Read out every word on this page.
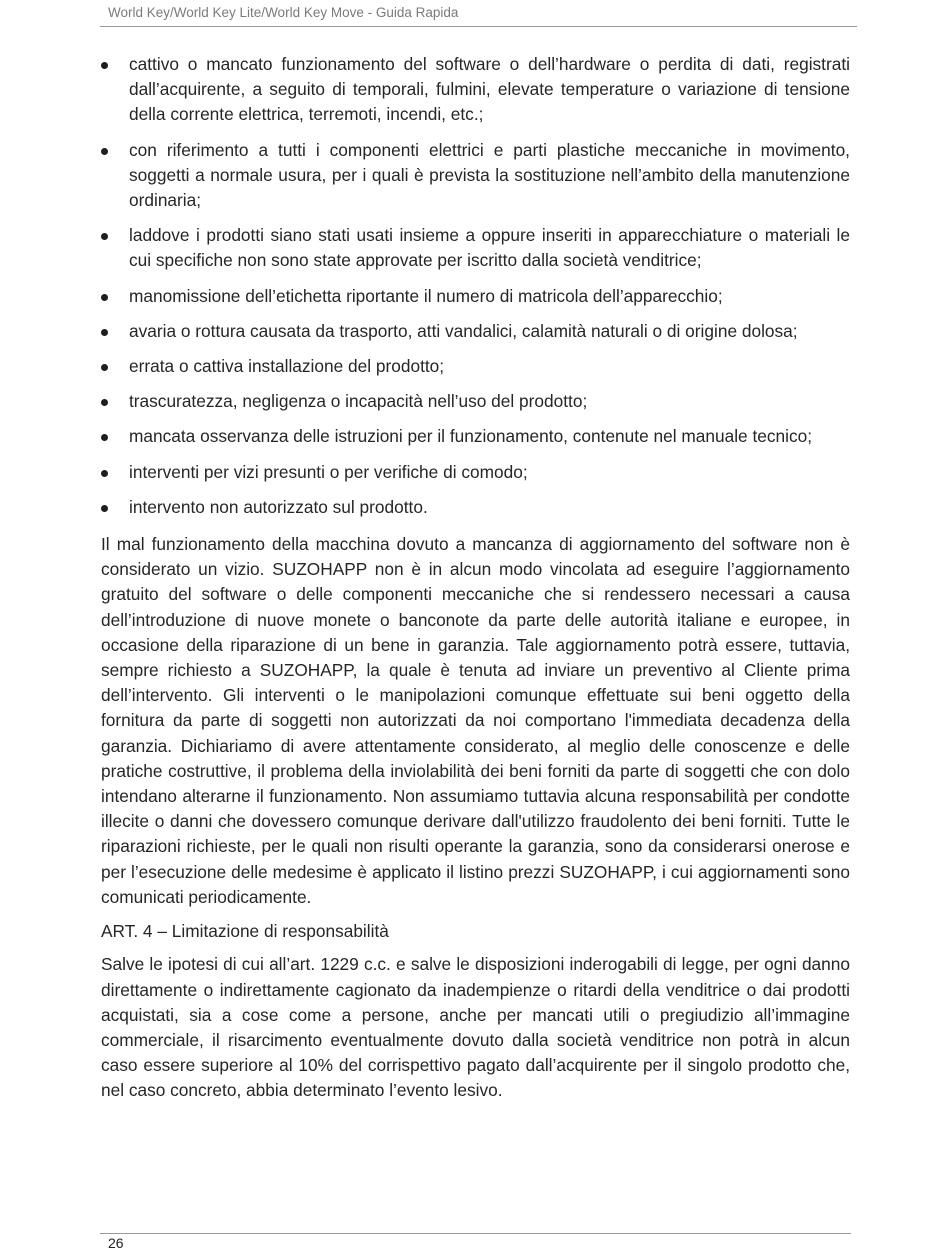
World Key/World Key Lite/World Key Move - Guida Rapida
cattivo o mancato funzionamento del software o dell’hardware o perdita di dati, registrati dall’acquirente, a seguito di temporali, fulmini, elevate temperature o variazione di tensione della corrente elettrica, terremoti, incendi, etc.;
con riferimento a tutti i componenti elettrici e parti plastiche meccaniche in movimento, soggetti a normale usura, per i quali è prevista la sostituzione nell’ambito della manutenzione ordinaria;
laddove i prodotti siano stati usati insieme a oppure inseriti in apparecchiature o materiali le cui specifiche non sono state approvate per iscritto dalla società venditrice;
manomissione dell’etichetta riportante il numero di matricola dell’apparecchio;
avaria o rottura causata da trasporto, atti vandalici, calamità naturali o di origine dolosa;
errata o cattiva installazione del prodotto;
trascuratezza, negligenza o incapacità nell’uso del prodotto;
mancata osservanza delle istruzioni per il funzionamento, contenute nel manuale tecnico;
interventi per vizi presunti o per verifiche di comodo;
intervento non autorizzato sul prodotto.

Il mal funzionamento della macchina dovuto a mancanza di aggiornamento del software non è considerato un vizio. SUZOHAPP non è in alcun modo vincolata ad eseguire l’aggiornamento gratuito del software o delle componenti meccaniche che si rendessero necessari a causa dell’introduzione di nuove monete o banconote da parte delle autorità italiane e europee, in occasione della riparazione di un bene in garanzia. Tale aggiornamento potrà essere, tuttavia, sempre richiesto a SUZOHAPP, la quale è tenuta ad inviare un preventivo al Cliente prima dell’intervento. Gli interventi o le manipolazioni comunque effettuate sui beni oggetto della fornitura da parte di soggetti non autorizzati da noi comportano l'immediata decadenza della garanzia. Dichiariamo di avere attentamente considerato, al meglio delle conoscenze e delle pratiche costruttive, il problema della inviolabilità dei beni forniti da parte di soggetti che con dolo intendano alterarne il funzionamento. Non assumiamo tuttavia alcuna responsabilità per condotte illecite o danni che dovessero comunque derivare dall'utilizzo fraudolento dei beni forniti. Tutte le riparazioni richieste, per le quali non risulti operante la garanzia, sono da considerarsi onerose e per l’esecuzione delle medesime è applicato il listino prezzi SUZOHAPP, i cui aggiornamenti sono comunicati periodicamente.

ART. 4 – Limitazione di responsabilità

Salve le ipotesi di cui all’art. 1229 c.c. e salve le disposizioni inderogabili di legge, per ogni danno direttamente o indirettamente cagionato da inadempienze o ritardi della venditrice o dai prodotti acquistati, sia a cose come a persone, anche per mancati utili o pregiudizio all’immagine commerciale, il risarcimento eventualmente dovuto dalla società venditrice non potrà in alcun caso essere superiore al 10% del corrispettivo pagato dall’acquirente per il singolo prodotto che, nel caso concreto, abbia determinato l’evento lesivo.

26
